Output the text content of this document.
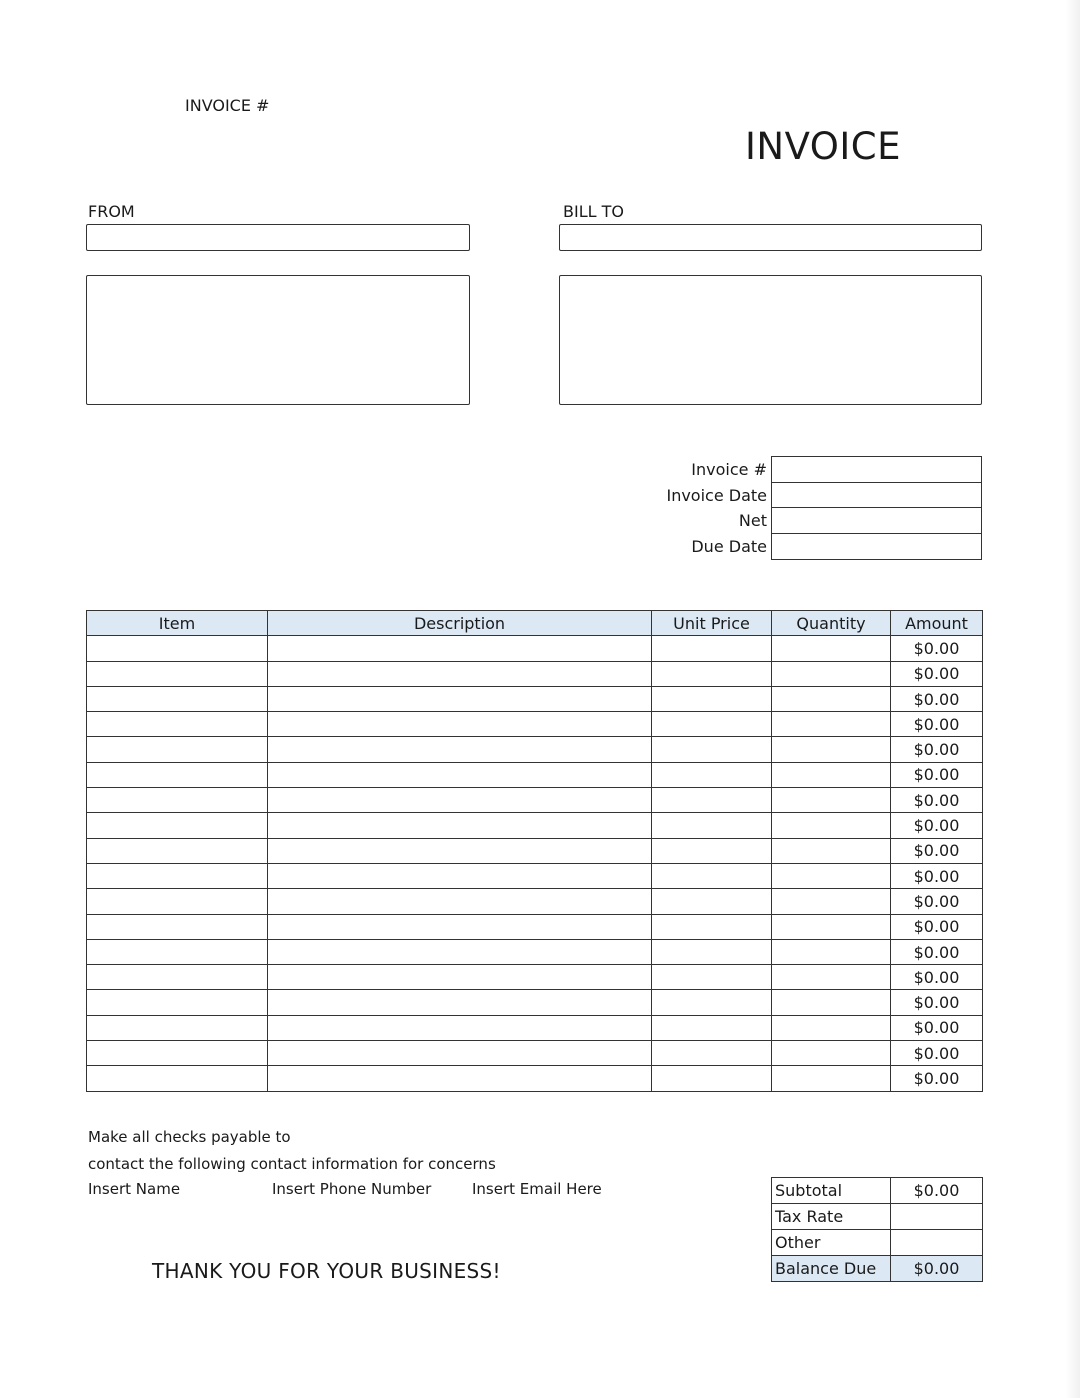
INVOICE #
INVOICE
FROM	BILL TO
Invoice #
Invoice Date
Net
Due Date
Item	Description	Unit Price	Quantity	Amount
				$0.00
				$0.00
				$0.00
				$0.00
				$0.00
				$0.00
				$0.00
				$0.00
				$0.00
				$0.00
				$0.00
				$0.00
				$0.00
				$0.00
				$0.00
				$0.00
				$0.00
				$0.00
Make all checks payable to
contact the following contact information for concerns
Insert Name	Insert Phone Number	Insert Email Here
THANK YOU FOR YOUR BUSINESS!
Subtotal	$0.00
Tax Rate	
Other	
Balance Due	$0.00
